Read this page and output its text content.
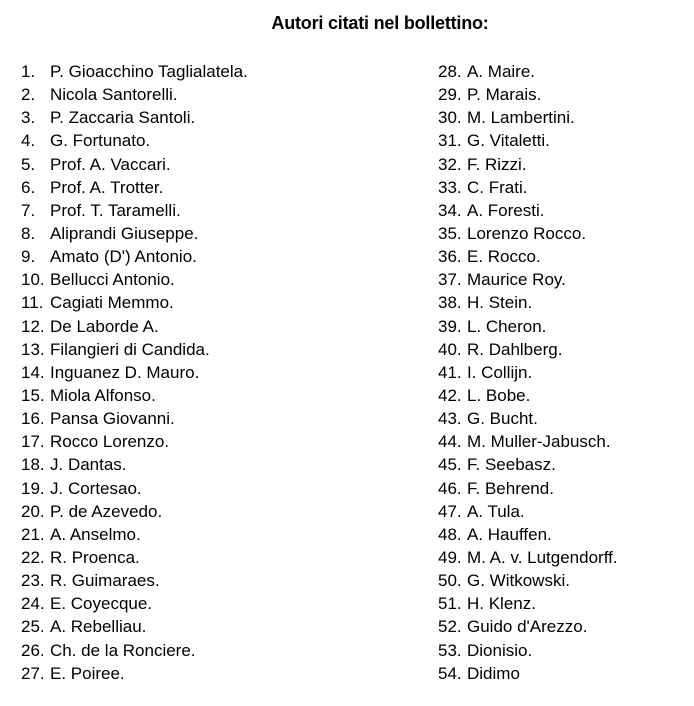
Autori citati nel bollettino:
1. P. Gioacchino Taglialatela.
2. Nicola Santorelli.
3. P. Zaccaria Santoli.
4. G. Fortunato.
5. Prof. A. Vaccari.
6. Prof. A. Trotter.
7. Prof. T. Taramelli.
8. Aliprandi Giuseppe.
9. Amato (D') Antonio.
10. Bellucci Antonio.
11. Cagiati Memmo.
12. De Laborde A.
13. Filangieri di Candida.
14. Inguanez D. Mauro.
15. Miola Alfonso.
16. Pansa Giovanni.
17. Rocco Lorenzo.
18. J. Dantas.
19. J. Cortesao.
20. P. de Azevedo.
21. A. Anselmo.
22. R. Proenca.
23. R. Guimaraes.
24. E. Coyecque.
25. A. Rebelliau.
26. Ch. de la Ronciere.
27. E. Poiree.
28. A. Maire.
29. P. Marais.
30. M. Lambertini.
31. G. Vitaletti.
32. F. Rizzi.
33. C. Frati.
34. A. Foresti.
35. Lorenzo Rocco.
36. E. Rocco.
37. Maurice Roy.
38. H. Stein.
39. L. Cheron.
40. R. Dahlberg.
41. I. Collijn.
42. L. Bobe.
43. G. Bucht.
44. M. Muller-Jabusch.
45. F. Seebasz.
46. F. Behrend.
47. A. Tula.
48. A. Hauffen.
49. M. A. v. Lutgendorff.
50. G. Witkowski.
51. H. Klenz.
52. Guido d'Arezzo.
53. Dionisio.
54. Didimo
